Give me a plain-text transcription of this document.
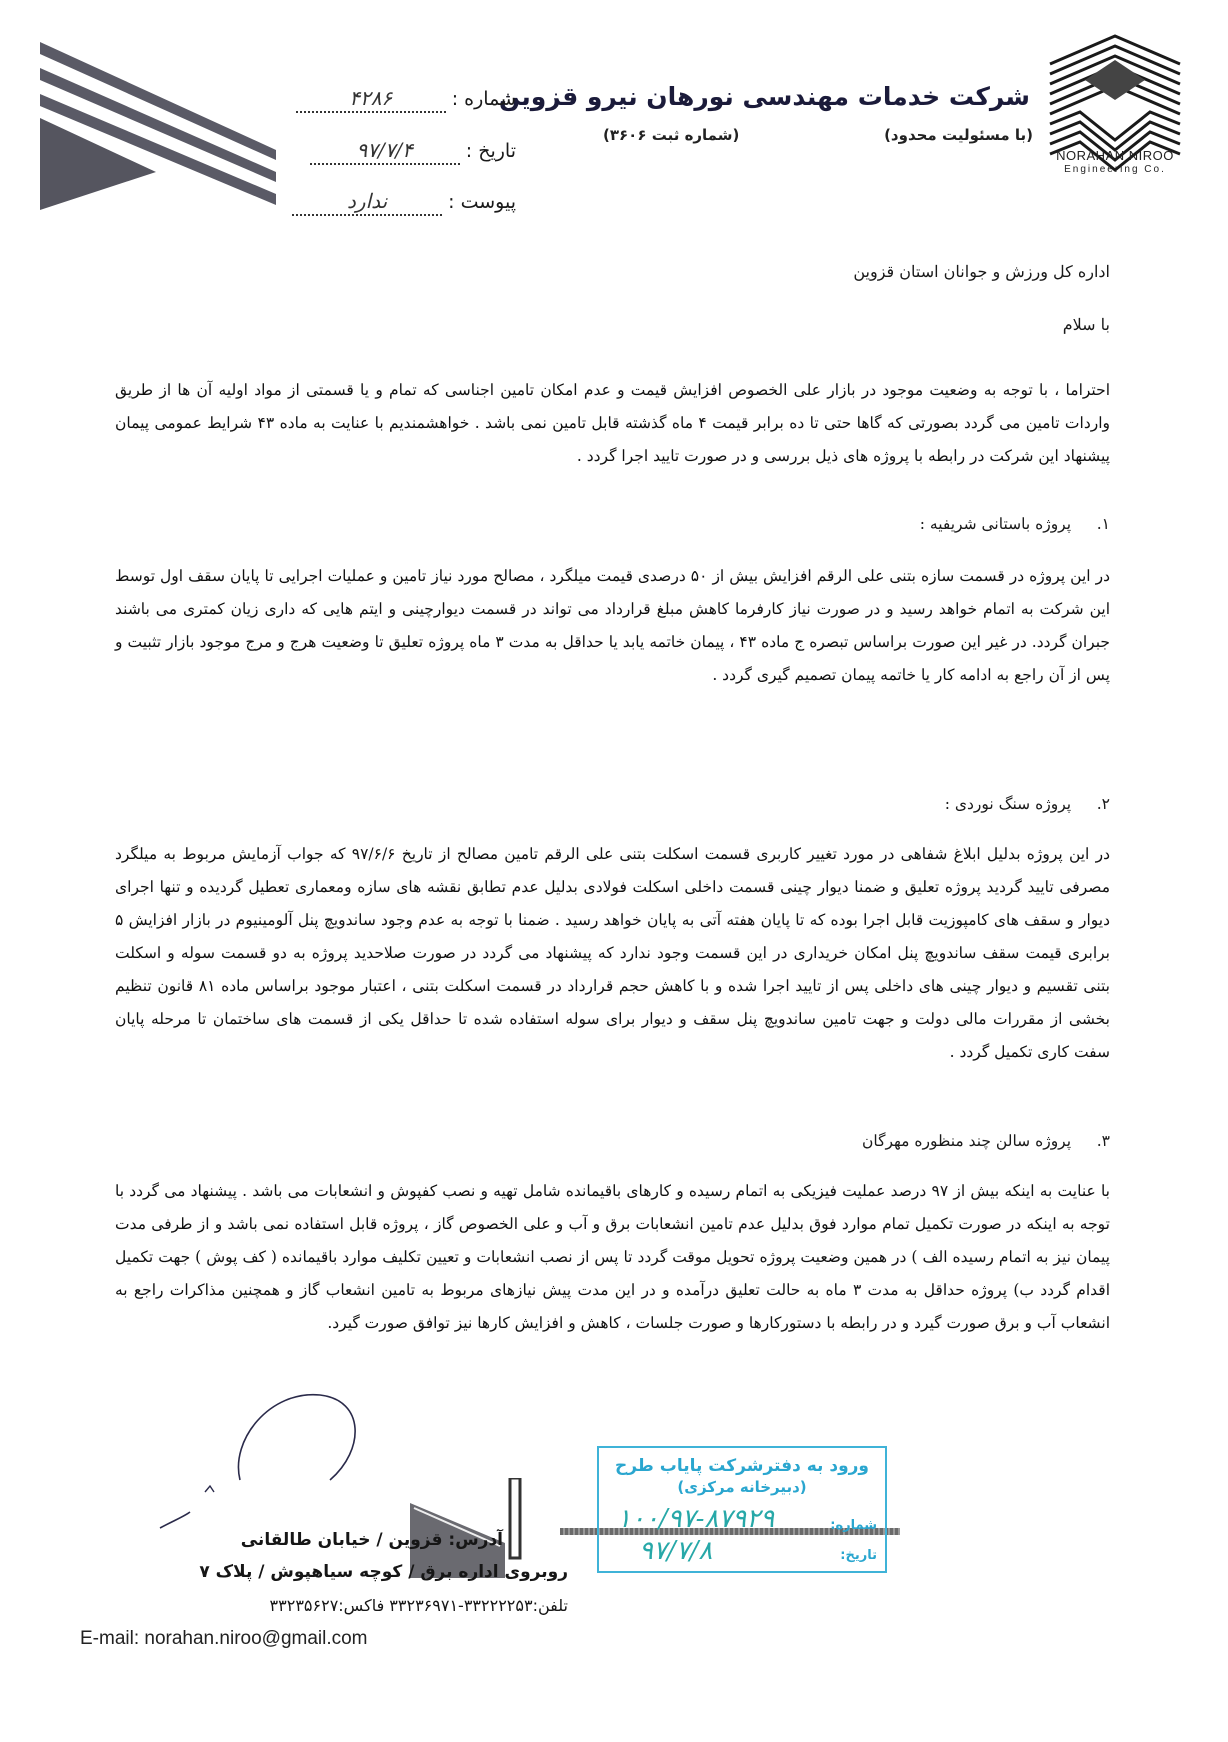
NORAHAN NIROO
Engineering Co.
شرکت خدمات مهندسی نورهان نیرو قزوین
(با مسئولیت محدود)
(شماره ثبت ۳۶۰۶)
شماره : ۴۲۸۶
تاریخ : ۹۷/۷/۴
پیوست : ندارد
اداره کل ورزش و جوانان استان قزوین
با سلام
احتراما ، با توجه به وضعیت موجود در بازار علی الخصوص افزایش قیمت و عدم امکان تامین اجناسی که تمام و یا قسمتی از مواد اولیه آن ها از طریق واردات تامین می گردد بصورتی که گاها حتی تا ده برابر قیمت ۴ ماه گذشته قابل تامین نمی باشد . خواهشمندیم با عنایت به ماده ۴۳ شرایط عمومی پیمان پیشنهاد این شرکت در رابطه با پروژه های ذیل بررسی و در صورت تایید اجرا گردد .
۱. پروژه باستانی شریفیه :
در این پروژه در قسمت سازه بتنی علی الرقم افزایش بیش از ۵۰ درصدی قیمت میلگرد ، مصالح مورد نیاز تامین و عملیات اجرایی تا پایان سقف اول توسط این شرکت به اتمام خواهد رسید و در صورت نیاز کارفرما کاهش مبلغ قرارداد می تواند در قسمت دیوارچینی و ایتم هایی که داری زیان کمتری می باشند جبران گردد. در غیر این صورت براساس تبصره ج ماده ۴۳ ، پیمان خاتمه یابد یا حداقل به مدت ۳ ماه پروژه تعلیق تا وضعیت هرج و مرج موجود بازار تثبیت و پس از آن راجع به ادامه کار یا خاتمه پیمان تصمیم گیری گردد .
۲. پروژه سنگ نوردی :
در این پروژه بدلیل ابلاغ شفاهی در مورد تغییر کاربری قسمت اسکلت بتنی علی الرقم تامین مصالح از تاریخ ۹۷/۶/۶ که جواب آزمایش مربوط به میلگرد مصرفی تایید گردید پروژه تعلیق و ضمنا دیوار چینی قسمت داخلی اسکلت فولادی بدلیل عدم تطابق نقشه های سازه ومعماری تعطیل گردیده و تنها اجرای دیوار و سقف های کامپوزیت قابل اجرا بوده که تا پایان هفته آتی به پایان خواهد رسید . ضمنا با توجه به عدم وجود ساندویچ پنل آلومینیوم در بازار افزایش ۵ برابری قیمت سقف ساندویچ پنل امکان خریداری در این قسمت وجود ندارد که پیشنهاد می گردد در صورت صلاحدید پروژه به دو قسمت سوله و اسکلت بتنی تقسیم و دیوار چینی های داخلی پس از تایید اجرا شده و با کاهش حجم قرارداد در قسمت اسکلت بتنی ، اعتبار موجود براساس ماده ۸۱ قانون تنظیم بخشی از مقررات مالی دولت و جهت تامین ساندویچ پنل سقف و دیوار برای سوله استفاده شده تا حداقل یکی از قسمت های ساختمان تا مرحله پایان سفت کاری تکمیل گردد .
۳. پروژه سالن چند منظوره مهرگان
با عنایت به اینکه بیش از ۹۷ درصد عملیت فیزیکی به اتمام رسیده و کارهای باقیمانده شامل تهیه و نصب کفپوش و انشعابات می باشد . پیشنهاد می گردد با توجه به اینکه در صورت تکمیل تمام موارد فوق بدلیل عدم تامین انشعابات برق و آب و علی الخصوص گاز ، پروژه قابل استفاده نمی باشد و از طرفی مدت پیمان نیز به اتمام رسیده الف ) در همین وضعیت پروژه تحویل موقت گردد تا پس از نصب انشعابات و تعیین تکلیف موارد باقیمانده ( کف پوش ) جهت تکمیل اقدام گردد ب) پروژه حداقل به مدت ۳ ماه به حالت تعلیق درآمده و در این مدت پیش نیازهای مربوط به تامین انشعاب گاز و همچنین مذاکرات راجع به انشعاب آب و برق صورت گیرد و در رابطه با دستورکارها و صورت جلسات ، کاهش و افزایش کارها نیز توافق صورت گیرد.
ورود به دفترشرکت پایاب طرح
(دبیرخانه مرکزی)
شماره:
۱۰۰/۹۷-۸۷۹۲۹
تاریخ:
۹۷/۷/۸
آدرس: قزوین / خیابان طالقانی
روبروی اداره برق / کوچه سیاهپوش / پلاک ۷
تلفن:۳۳۲۲۲۲۵۳-۳۳۲۳۶۹۷۱ فاکس:۳۳۲۳۵۶۲۷
E-mail: norahan.niroo@gmail.com
